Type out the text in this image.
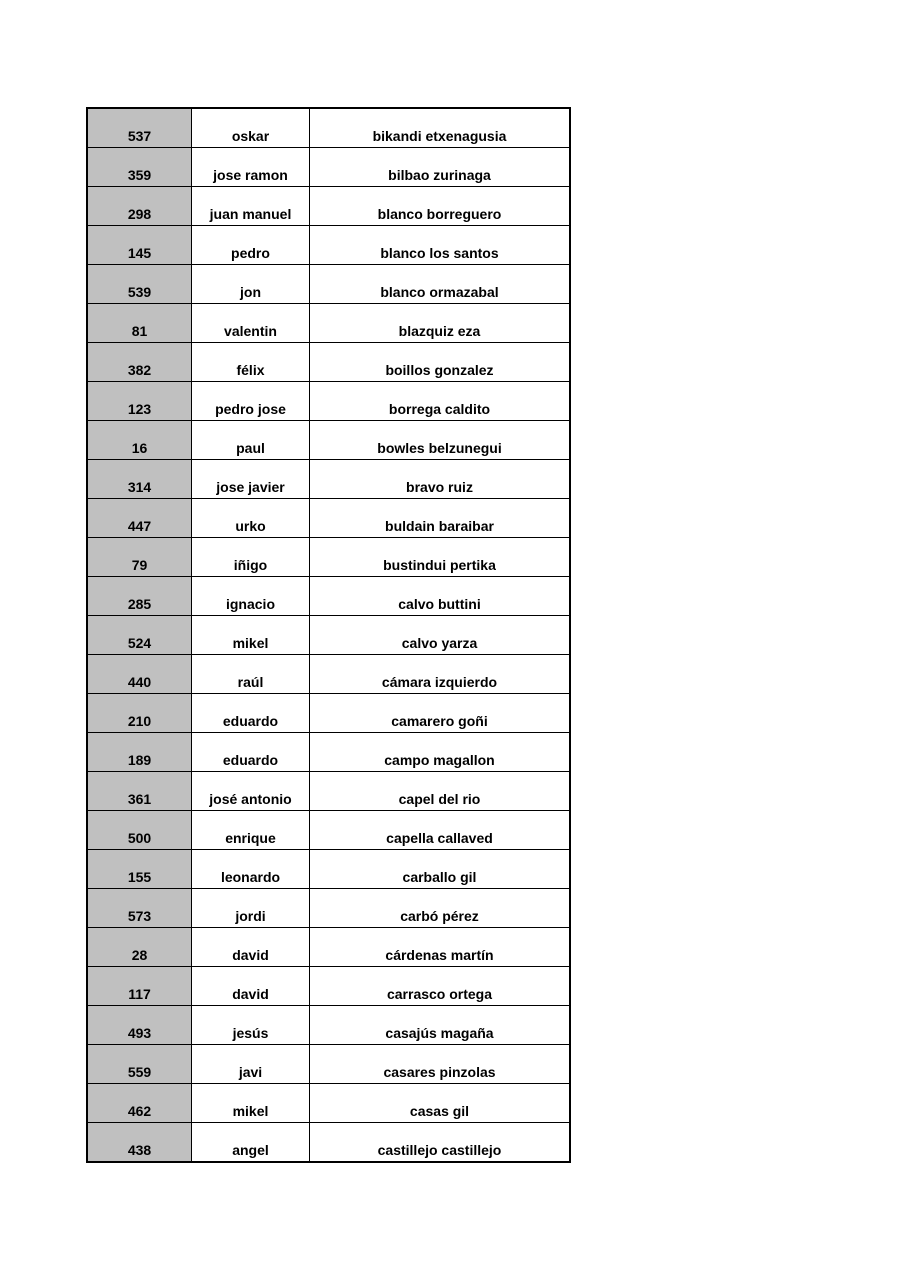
537	oskar	bikandi etxenagusia
359	jose ramon	bilbao zurinaga
298	juan manuel	blanco borreguero
145	pedro	blanco los santos
539	jon	blanco ormazabal
81	valentin	blazquiz eza
382	félix	boillos gonzalez
123	pedro jose	borrega caldito
16	paul	bowles belzunegui
314	jose javier	bravo ruiz
447	urko	buldain baraibar
79	iñigo	bustindui pertika
285	ignacio	calvo buttini
524	mikel	calvo yarza
440	raúl	cámara izquierdo
210	eduardo	camarero goñi
189	eduardo	campo magallon
361	josé antonio	capel del rio
500	enrique	capella callaved
155	leonardo	carballo gil
573	jordi	carbó pérez
28	david	cárdenas martín
117	david	carrasco ortega
493	jesús	casajús magaña
559	javi	casares pinzolas
462	mikel	casas gil
438	angel	castillejo castillejo
